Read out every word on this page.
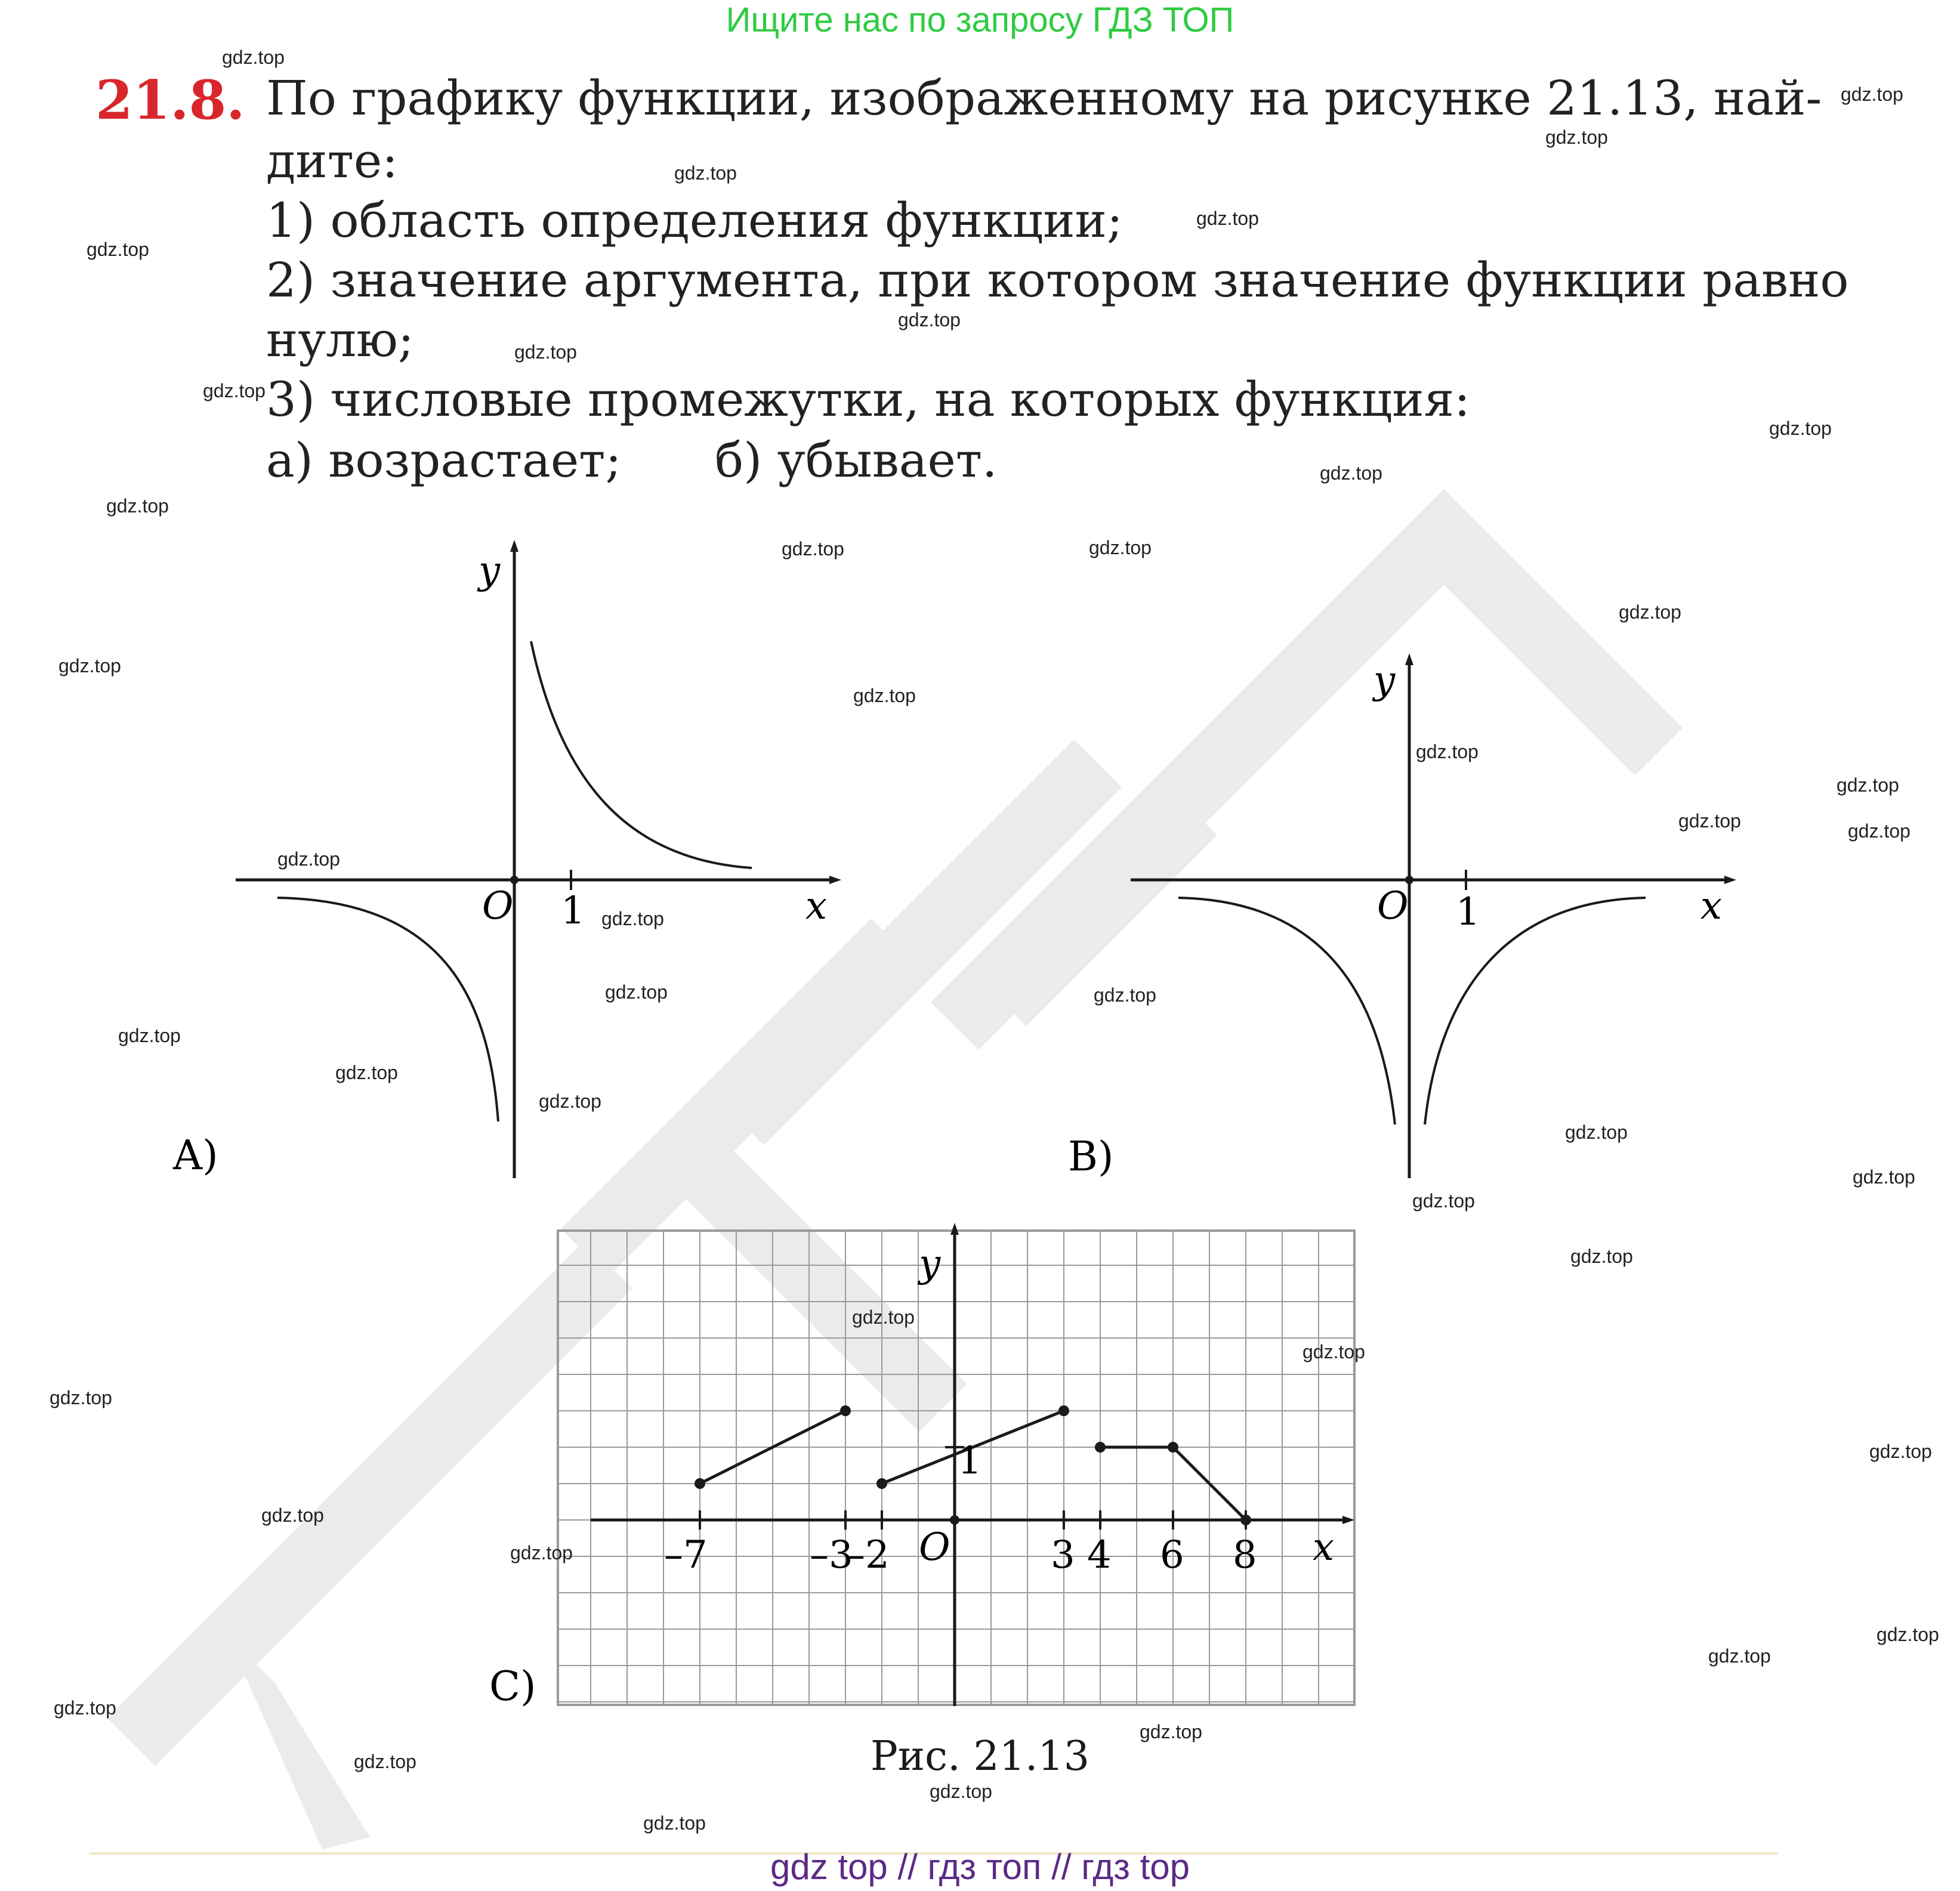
Ищите нас по запросу ГДЗ ТОП
21.8. По графику функции, изображенному на рисунке 21.13, най-
дите:
1) область определения функции;
2) значение аргумента, при котором значение функции равно
нулю;
3) числовые промежутки, на которых функция:
а) возрастает; б) убывает.
y
x
O 1
A)
y
x
O 1
B)
–7	–3
–2	3 4 6 8
y
x
O
1
C)
Рис. 21.13
gdz top // гдз топ // гдз top
gdz.top
gdz.top
gdz.top
gdz.top
gdz.top
gdz.top
gdz.top
gdz.top
gdz.top
gdz.top
gdz.top
gdz.top
gdz.top
gdz.top
gdz.top
gdz.top
gdz.top
gdz.top
gdz.top
gdz.top
gdz.top
gdz.top
gdz.top
gdz.top
gdz.top
gdz.top
gdz.top
gdz.top
gdz.top
gdz.top
gdz.top
gdz.top
gdz.top
gdz.top
gdz.top
gdz.top
gdz.top
gdz.top
gdz.top
gdz.top
gdz.top
gdz.top
gdz.top
gdz.top
gdz.top
